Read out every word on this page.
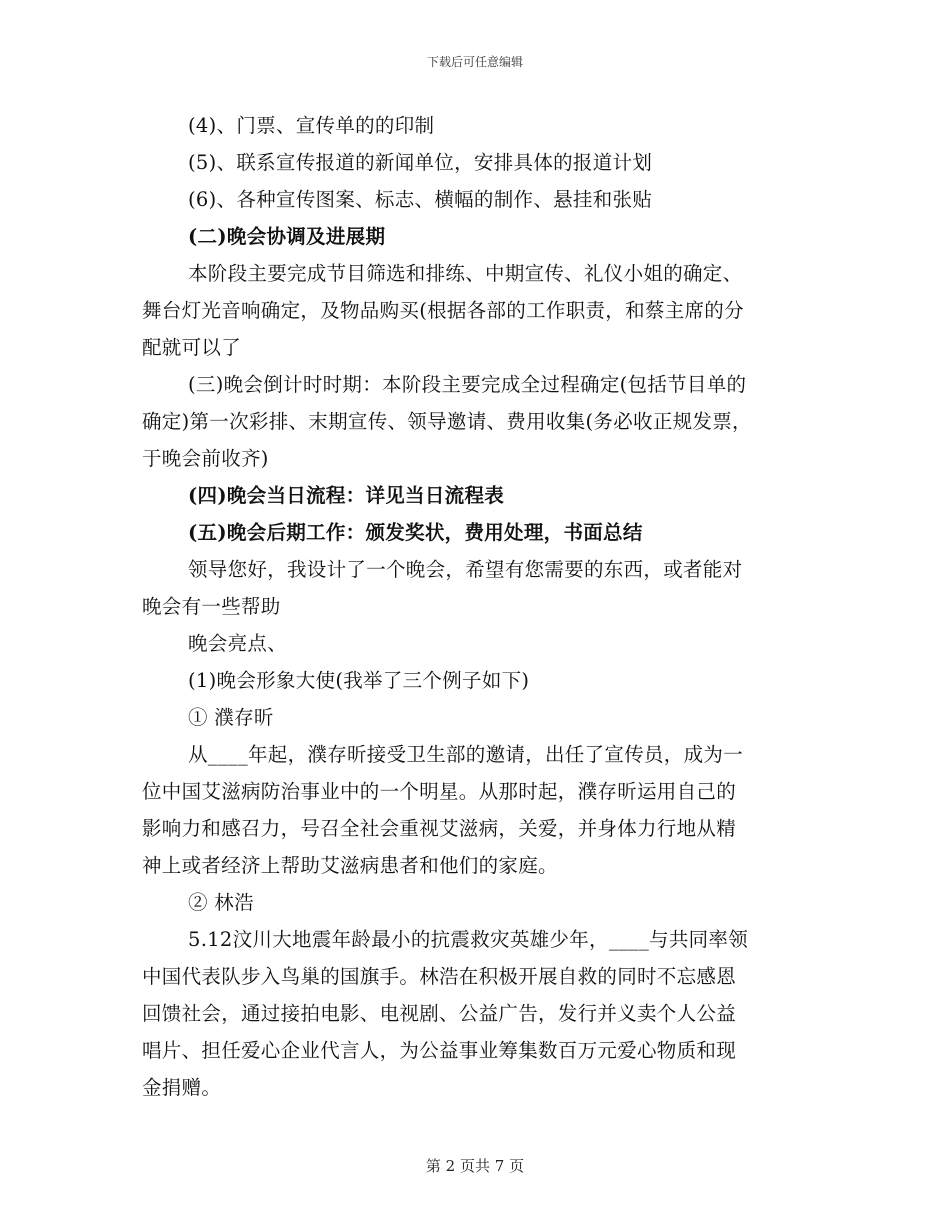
下载后可任意编辑

(4)、门票、宣传单的的印制

(5)、联系宣传报道的新闻单位，安排具体的报道计划

(6)、各种宣传图案、标志、横幅的制作、悬挂和张贴

(二)晚会协调及进展期

本阶段主要完成节目筛选和排练、中期宣传、礼仪小姐的确定、

舞台灯光音响确定，及物品购买(根据各部的工作职责，和蔡主席的分

配就可以了

(三)晚会倒计时时期：本阶段主要完成全过程确定(包括节目单的

确定)第一次彩排、末期宣传、领导邀请、费用收集(务必收正规发票，

于晚会前收齐)

(四)晚会当日流程：详见当日流程表

(五)晚会后期工作：颁发奖状，费用处理，书面总结

领导您好，我设计了一个晚会，希望有您需要的东西，或者能对

晚会有一些帮助

晚会亮点、

(1)晚会形象大使(我举了三个例子如下)

① 濮存昕

从____年起，濮存昕接受卫生部的邀请，出任了宣传员，成为一

位中国艾滋病防治事业中的一个明星。从那时起，濮存昕运用自己的

影响力和感召力，号召全社会重视艾滋病，关爱，并身体力行地从精

神上或者经济上帮助艾滋病患者和他们的家庭。

② 林浩

5.12汶川大地震年龄最小的抗震救灾英雄少年，____与共同率领

中国代表队步入鸟巢的国旗手。林浩在积极开展自救的同时不忘感恩

回馈社会，通过接拍电影、电视剧、公益广告，发行并义卖个人公益

唱片、担任爱心企业代言人，为公益事业筹集数百万元爱心物质和现

金捐赠。

第 2 页共 7 页
